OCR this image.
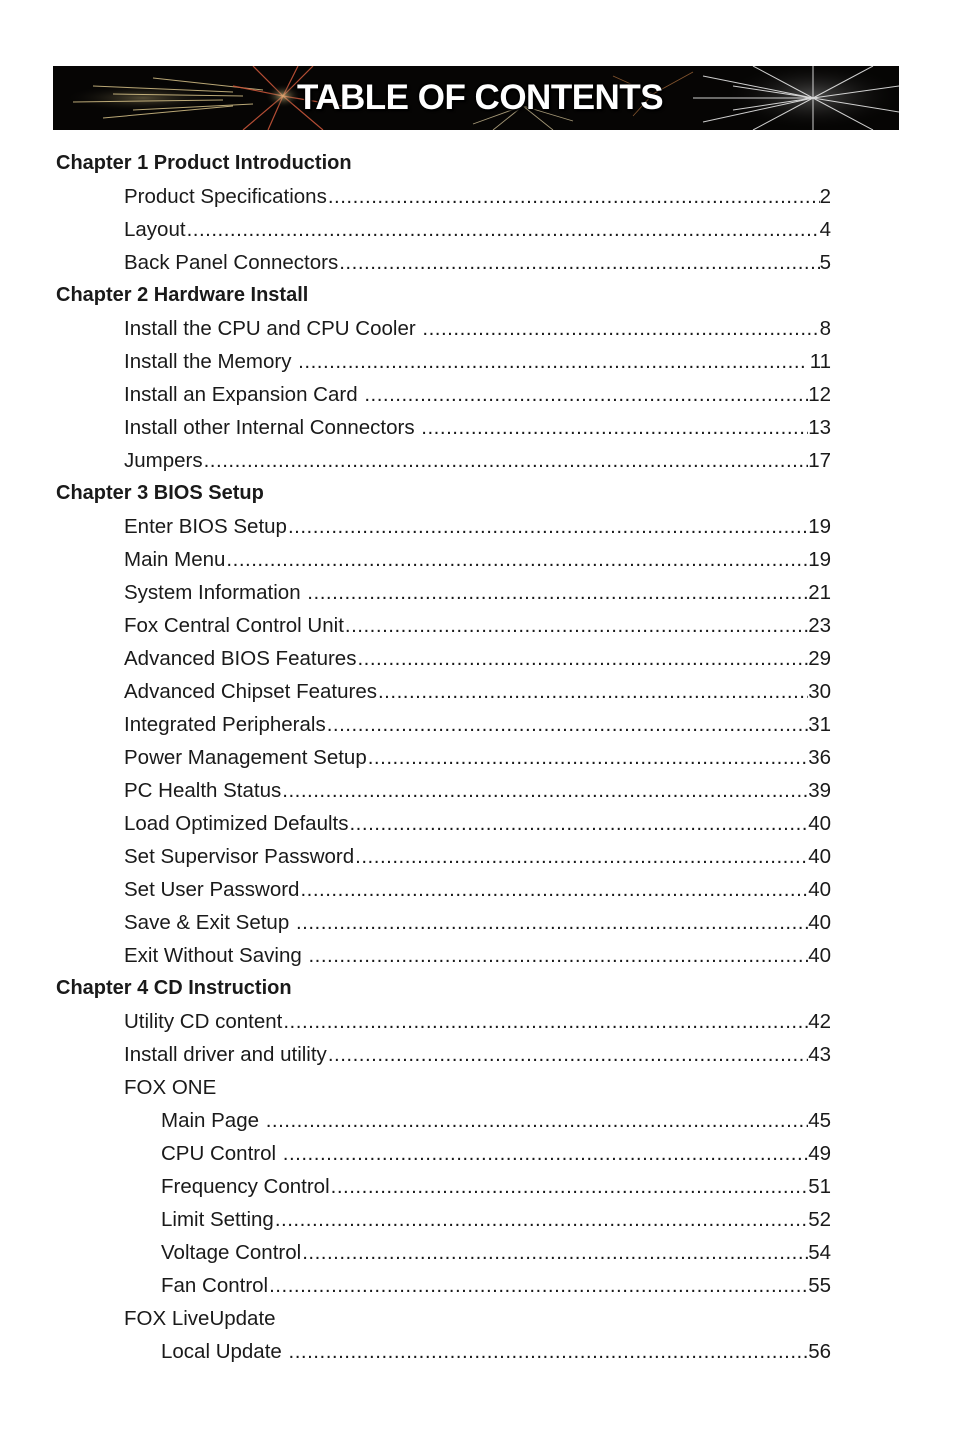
TABLE OF CONTENTS
Chapter 1 Product Introduction
Product Specifications .....	2
Layout .....	4
Back Panel Connectors .....	5
Chapter 2 Hardware Install
Install the CPU and CPU Cooler .....	8
Install the Memory .....	11
Install an Expansion Card .....	12
Install other Internal Connectors .....	13
Jumpers .....	17
Chapter 3 BIOS Setup
Enter BIOS Setup .....	19
Main Menu .....	19
System Information .....	21
Fox Central Control Unit .....	23
Advanced BIOS Features .....	29
Advanced Chipset Features .....	30
Integrated Peripherals .....	31
Power Management Setup .....	36
PC Health Status .....	39
Load Optimized Defaults .....	40
Set Supervisor Password .....	40
Set User Password .....	40
Save & Exit Setup .....	40
Exit Without Saving .....	40
Chapter 4 CD Instruction
Utility CD content .....	42
Install driver and utility .....	43
FOX ONE
Main Page .....	45
CPU Control .....	49
Frequency Control .....	51
Limit Setting .....	52
Voltage Control .....	54
Fan Control .....	55
FOX LiveUpdate
Local Update .....	56
